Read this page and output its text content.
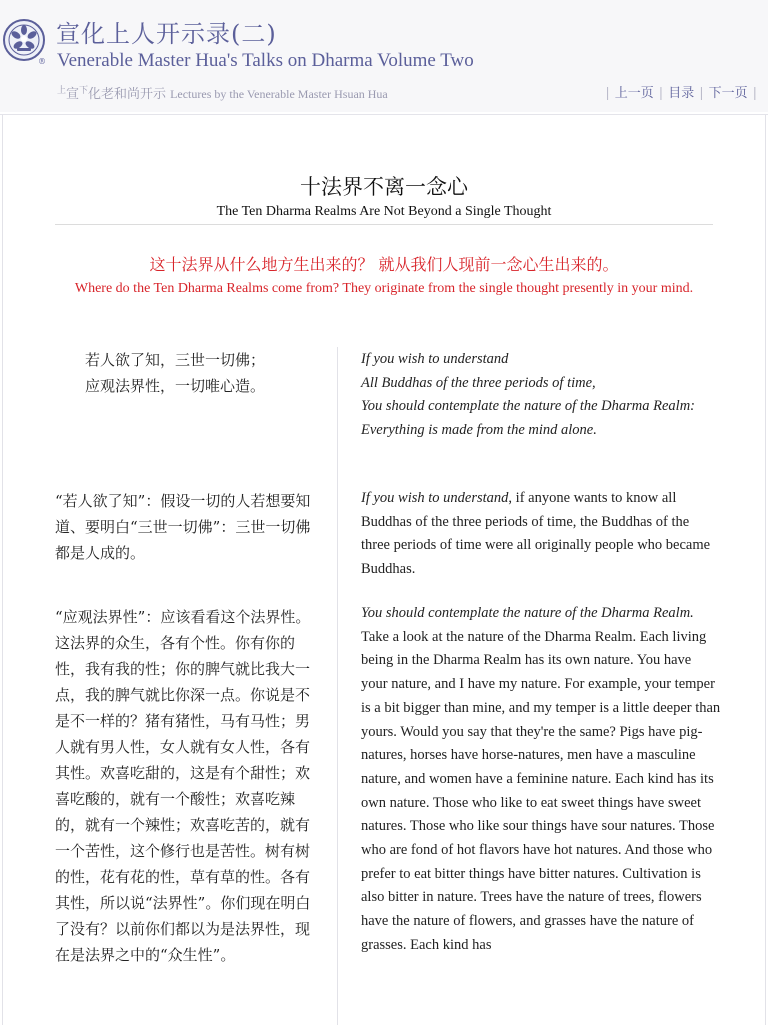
®
宣化上人开示录(二)
Venerable Master Hua's Talks on Dharma Volume Two
$^上$宣$^下$化老和尚开示 Lectures by the Venerable Master Hsuan Hua	| 上一页 | 目录 | 下一页 |
十法界不离一念心
The Ten Dharma Realms Are Not Beyond a Single Thought
这十法界从什么地方生出来的？ 就从我们人现前一念心生出来的。
Where do the Ten Dharma Realms come from? They originate from the single thought presently in your mind.
若人欲了知，三世一切佛；
应观法界性，一切唯心造。
If you wish to understand
All Buddhas of the three periods of time,
You should contemplate the nature of the Dharma Realm:
Everything is made from the mind alone.
“若人欲了知”：假设一切的人若想要知道、要明白“三世一切佛”：三世一切佛都是人成的。
If you wish to understand, if anyone wants to know all Buddhas of the three periods of time, the Buddhas of the three periods of time were all originally people who became Buddhas.
“应观法界性”：应该看看这个法界性。这法界的众生，各有个性。你有你的性，我有我的性；你的脾气就比我大一点，我的脾气就比你深一点。你说是不是不一样的？猪有猪性，马有马性；男人就有男人性，女人就有女人性，各有其性。欢喜吃甜的，这是有个甜性；欢喜吃酸的，就有一个酸性；欢喜吃辣的，就有一个辣性；欢喜吃苦的，就有一个苦性，这个修行也是苦性。树有树的性，花有花的性，草有草的性。各有其性，所以说“法界性”。你们现在明白了没有？以前你们都以为是法界性，现在是法界之中的“众生性”。
You should contemplate the nature of the Dharma Realm. Take a look at the nature of the Dharma Realm. Each living being in the Dharma Realm has its own nature. You have your nature, and I have my nature. For example, your temper is a bit bigger than mine, and my temper is a little deeper than yours. Would you say that they're the same? Pigs have pig-natures, horses have horse-natures, men have a masculine nature, and women have a feminine nature. Each kind has its own nature. Those who like to eat sweet things have sweet natures. Those who like sour things have sour natures. Those who are fond of hot flavors have hot natures. And those who prefer to eat bitter things have bitter natures. Cultivation is also bitter in nature. Trees have the nature of trees, flowers have the nature of flowers, and grasses have the nature of grasses. Each kind has
